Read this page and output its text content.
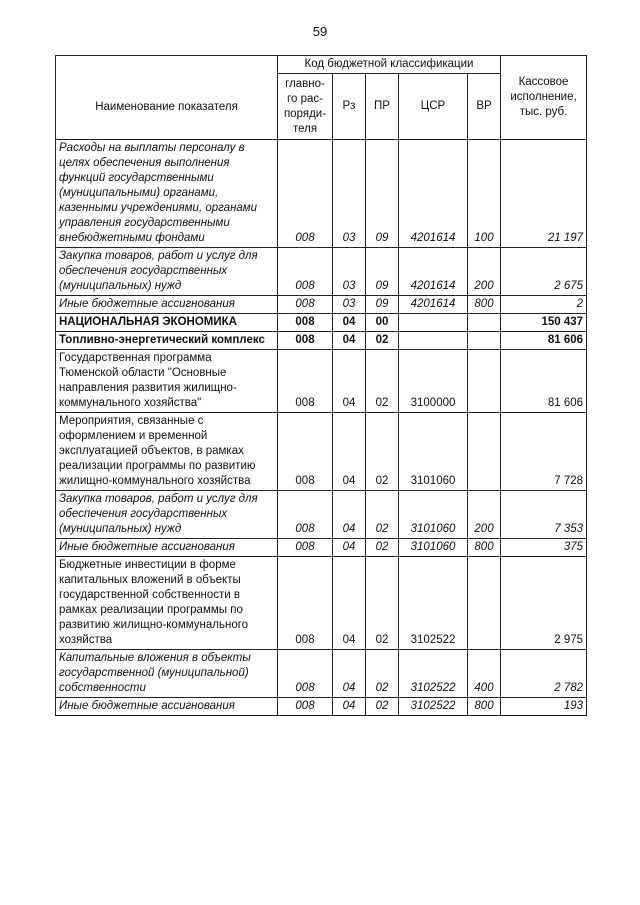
59
Наименование показателя	Код бюджетной классификации					Кассовое исполнение, тыс. руб.
	главно-го рас-поряди-теля	Рз	ПР	ЦСР	ВР	
Расходы на выплаты персоналу в целях обеспечения выполнения функций государственными (муниципальными) органами, казенными учреждениями, органами управления государственными внебюджетными фондами	008	03	09	4201614	100	21 197
Закупка товаров, работ и услуг для обеспечения государственных (муниципальных) нужд	008	03	09	4201614	200	2 675
Иные бюджетные ассигнования	008	03	09	4201614	800	2
НАЦИОНАЛЬНАЯ ЭКОНОМИКА	008	04	00			150 437
Топливно-энергетический комплекс	008	04	02			81 606
Государственная программа Тюменской области "Основные направления развития жилищно-коммунального хозяйства"	008	04	02	3100000		81 606
Мероприятия, связанные с оформлением и временной эксплуатацией объектов, в рамках реализации программы по развитию жилищно-коммунального хозяйства	008	04	02	3101060		7 728
Закупка товаров, работ и услуг для обеспечения государственных (муниципальных) нужд	008	04	02	3101060	200	7 353
Иные бюджетные ассигнования	008	04	02	3101060	800	375
Бюджетные инвестиции в форме капитальных вложений в объекты государственной собственности в рамках реализации программы по развитию жилищно-коммунального хозяйства	008	04	02	3102522		2 975
Капитальные вложения в объекты государственной (муниципальной) собственности	008	04	02	3102522	400	2 782
Иные бюджетные ассигнования	008	04	02	3102522	800	193
